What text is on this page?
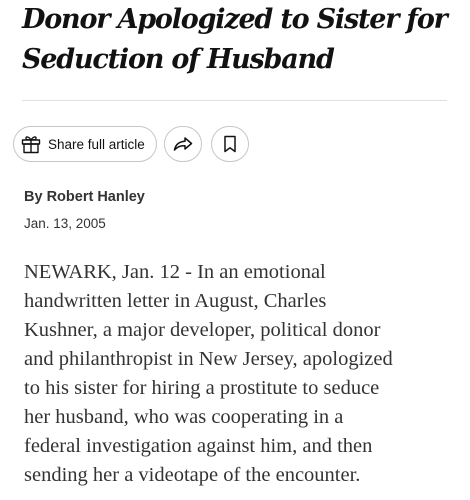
Donor Apologized to Sister for
Seduction of Husband
Share full article
By Robert Hanley
Jan. 13, 2005

NEWARK, Jan. 12 - In an emotional
handwritten letter in August, Charles
Kushner, a major developer, political donor
and philanthropist in New Jersey, apologized
to his sister for hiring a prostitute to seduce
her husband, who was cooperating in a
federal investigation against him, and then
sending her a videotape of the encounter.
